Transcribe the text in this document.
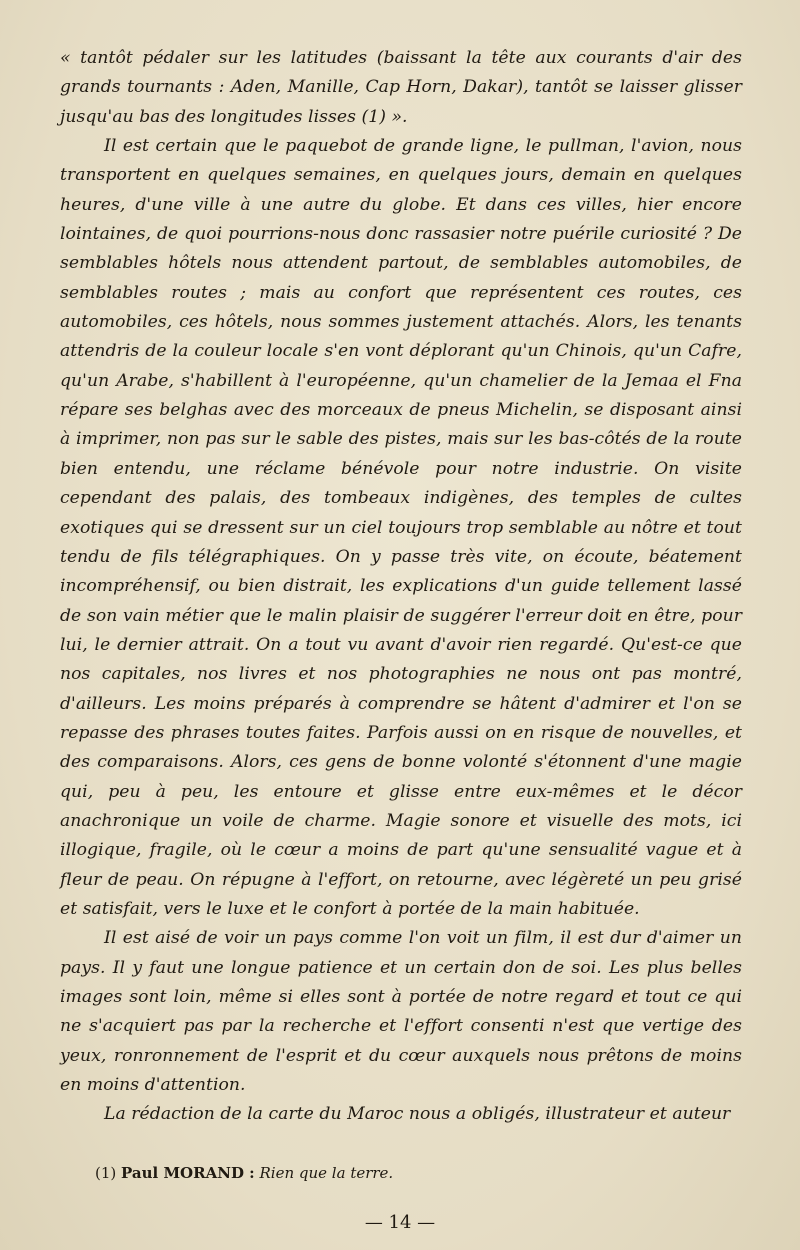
« tantôt pédaler sur les latitudes (baissant la tête aux courants d'air des grands tournants : Aden, Manille, Cap Horn, Dakar), tantôt se laisser glisser jusqu'au bas des longitudes lisses (1) ».

Il est certain que le paquebot de grande ligne, le pullman, l'avion, nous transportent en quelques semaines, en quelques jours, demain en quelques heures, d'une ville à une autre du globe. Et dans ces villes, hier encore lointaines, de quoi pourrions-nous donc rassasier notre puérile curiosité ? De semblables hôtels nous attendent partout, de semblables automobiles, de semblables routes ; mais au confort que représentent ces routes, ces automobiles, ces hôtels, nous sommes justement attachés. Alors, les tenants attendris de la couleur locale s'en vont déplorant qu'un Chinois, qu'un Cafre, qu'un Arabe, s'habillent à l'européenne, qu'un chamelier de la Jemaa el Fna répare ses belghas avec des morceaux de pneus Michelin, se disposant ainsi à imprimer, non pas sur le sable des pistes, mais sur les bas-côtés de la route bien entendu, une réclame bénévole pour notre industrie. On visite cependant des palais, des tombeaux indigènes, des temples de cultes exotiques qui se dressent sur un ciel toujours trop semblable au nôtre et tout tendu de fils télégraphiques. On y passe très vite, on écoute, béatement incompréhensif, ou bien distrait, les explications d'un guide tellement lassé de son vain métier que le malin plaisir de suggérer l'erreur doit en être, pour lui, le dernier attrait. On a tout vu avant d'avoir rien regardé. Qu'est-ce que nos capitales, nos livres et nos photographies ne nous ont pas montré, d'ailleurs. Les moins préparés à comprendre se hâtent d'admirer et l'on se repasse des phrases toutes faites. Parfois aussi on en risque de nouvelles, et des comparaisons. Alors, ces gens de bonne volonté s'étonnent d'une magie qui, peu à peu, les entoure et glisse entre eux-mêmes et le décor anachronique un voile de charme. Magie sonore et visuelle des mots, ici illogique, fragile, où le cœur a moins de part qu'une sensualité vague et à fleur de peau. On répugne à l'effort, on retourne, avec légèreté un peu grisé et satisfait, vers le luxe et le confort à portée de la main habituée.

Il est aisé de voir un pays comme l'on voit un film, il est dur d'aimer un pays. Il y faut une longue patience et un certain don de soi. Les plus belles images sont loin, même si elles sont à portée de notre regard et tout ce qui ne s'acquiert pas par la recherche et l'effort consenti n'est que vertige des yeux, ronronnement de l'esprit et du cœur auxquels nous prêtons de moins en moins d'attention.

La rédaction de la carte du Maroc nous a obligés, illustrateur et auteur

(1) Paul MORAND : Rien que la terre.
— 14 —
